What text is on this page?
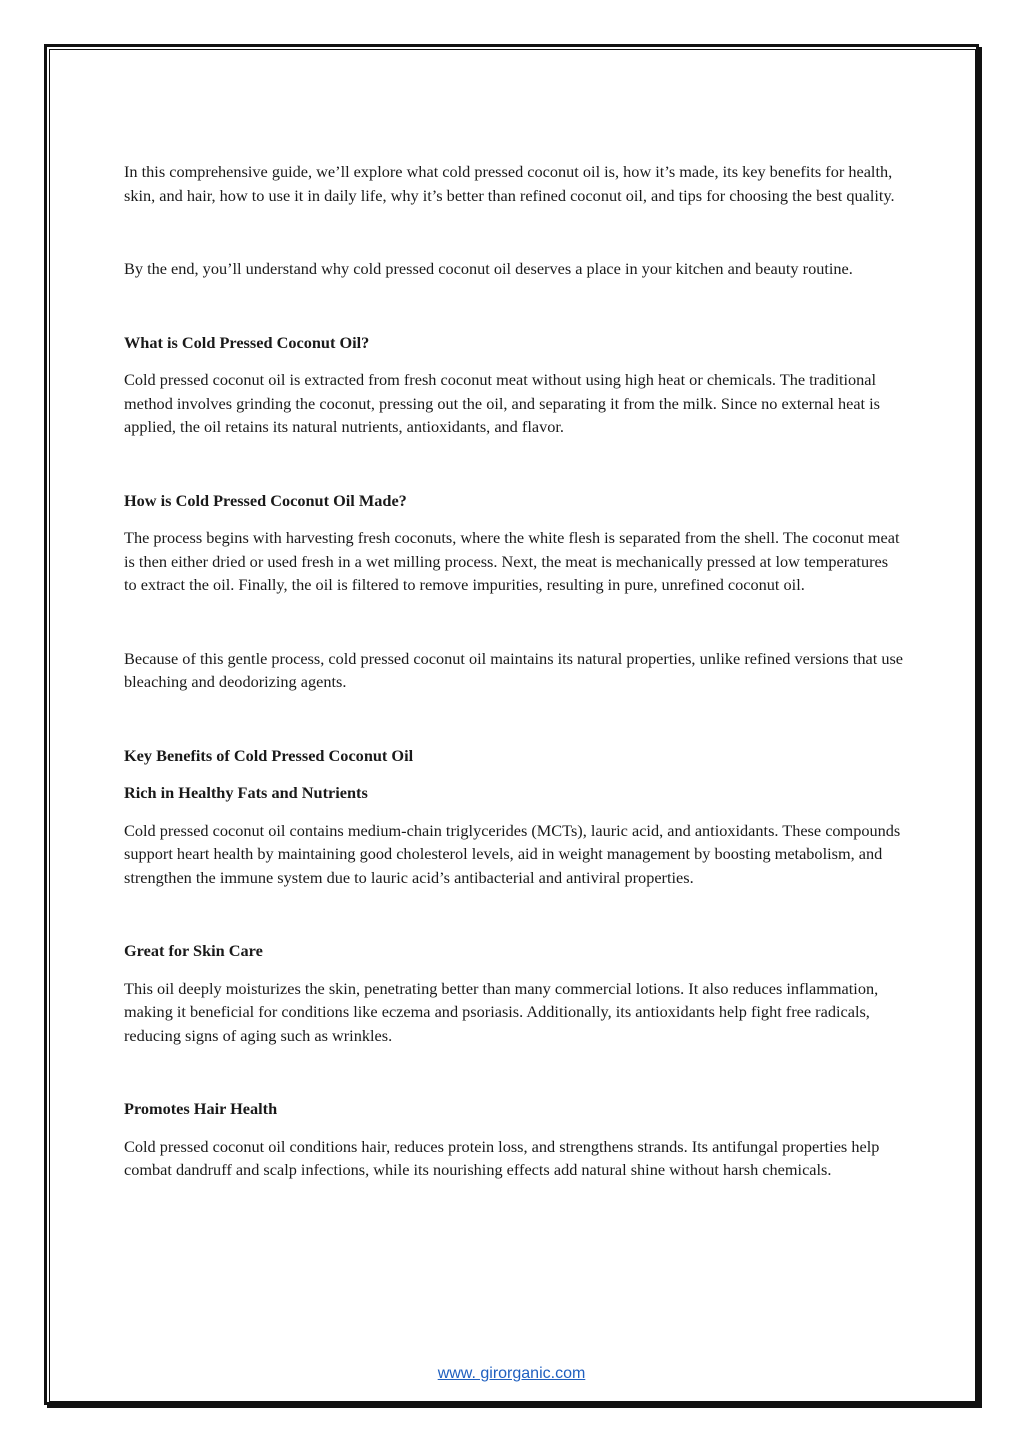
In this comprehensive guide, we’ll explore what cold pressed coconut oil is, how it’s made, its key benefits for health, skin, and hair, how to use it in daily life, why it’s better than refined coconut oil, and tips for choosing the best quality.

By the end, you’ll understand why cold pressed coconut oil deserves a place in your kitchen and beauty routine.

What is Cold Pressed Coconut Oil?

Cold pressed coconut oil is extracted from fresh coconut meat without using high heat or chemicals. The traditional method involves grinding the coconut, pressing out the oil, and separating it from the milk. Since no external heat is applied, the oil retains its natural nutrients, antioxidants, and flavor.

How is Cold Pressed Coconut Oil Made?

The process begins with harvesting fresh coconuts, where the white flesh is separated from the shell. The coconut meat is then either dried or used fresh in a wet milling process. Next, the meat is mechanically pressed at low temperatures to extract the oil. Finally, the oil is filtered to remove impurities, resulting in pure, unrefined coconut oil.

Because of this gentle process, cold pressed coconut oil maintains its natural properties, unlike refined versions that use bleaching and deodorizing agents.

Key Benefits of Cold Pressed Coconut Oil

Rich in Healthy Fats and Nutrients

Cold pressed coconut oil contains medium-chain triglycerides (MCTs), lauric acid, and antioxidants. These compounds support heart health by maintaining good cholesterol levels, aid in weight management by boosting metabolism, and strengthen the immune system due to lauric acid’s antibacterial and antiviral properties.

Great for Skin Care

This oil deeply moisturizes the skin, penetrating better than many commercial lotions. It also reduces inflammation, making it beneficial for conditions like eczema and psoriasis. Additionally, its antioxidants help fight free radicals, reducing signs of aging such as wrinkles.

Promotes Hair Health

Cold pressed coconut oil conditions hair, reduces protein loss, and strengthens strands. Its antifungal properties help combat dandruff and scalp infections, while its nourishing effects add natural shine without harsh chemicals.

www. girorganic.com
